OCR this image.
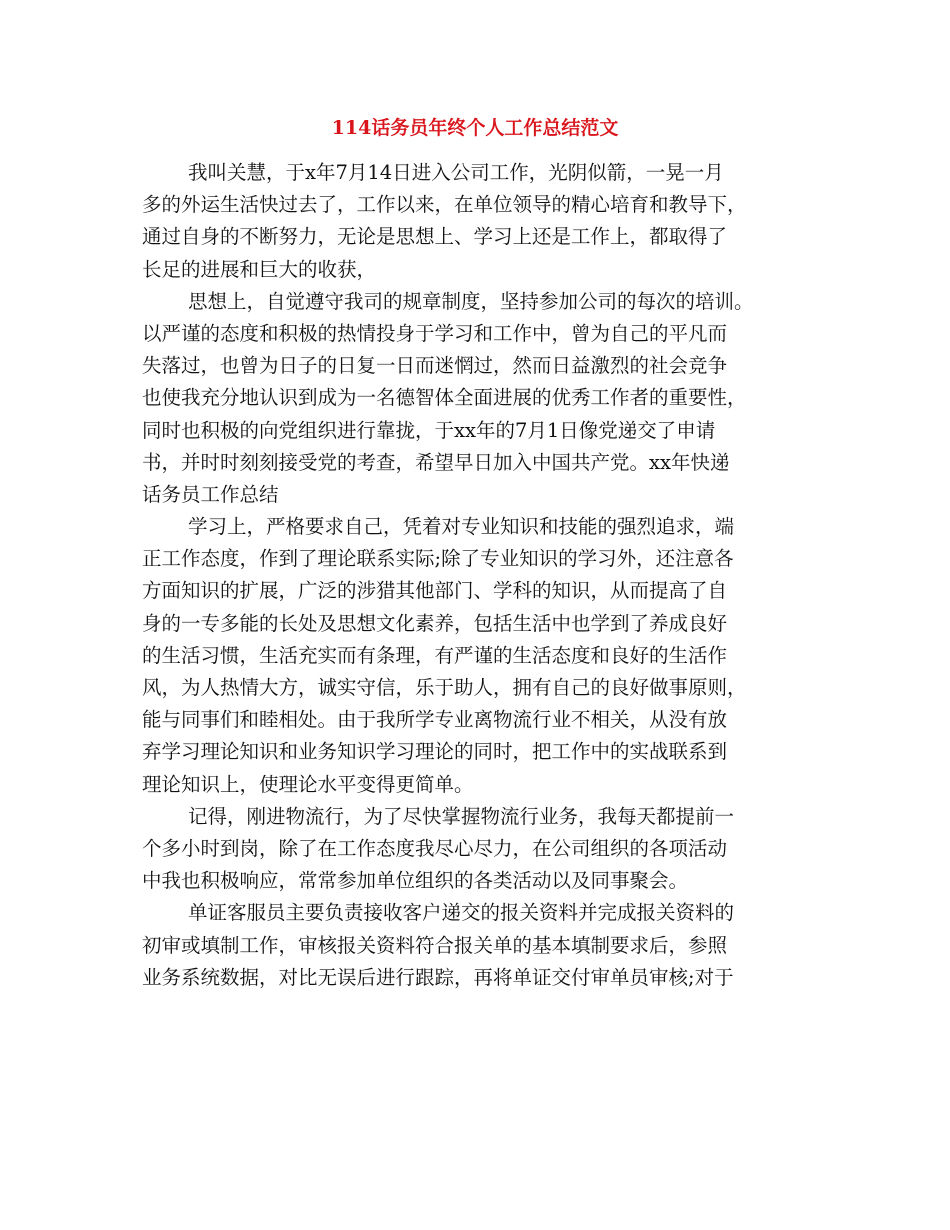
114话务员年终个人工作总结范文
我叫关慧，于x年7月14日进入公司工作，光阴似箭，一晃一月
多的外运生活快过去了，工作以来，在单位领导的精心培育和教导下，
通过自身的不断努力，无论是思想上、学习上还是工作上，都取得了
长足的进展和巨大的收获，
思想上，自觉遵守我司的规章制度，坚持参加公司的每次的培训。
以严谨的态度和积极的热情投身于学习和工作中，曾为自己的平凡而
失落过，也曾为日子的日复一日而迷惘过，然而日益激烈的社会竞争
也使我充分地认识到成为一名德智体全面进展的优秀工作者的重要性，
同时也积极的向党组织进行靠拢，于xx年的7月1日像党递交了申请
书，并时时刻刻接受党的考查，希望早日加入中国共产党。xx年快递
话务员工作总结
学习上，严格要求自己，凭着对专业知识和技能的强烈追求，端
正工作态度，作到了理论联系实际;除了专业知识的学习外，还注意各
方面知识的扩展，广泛的涉猎其他部门、学科的知识，从而提高了自
身的一专多能的长处及思想文化素养，包括生活中也学到了养成良好
的生活习惯，生活充实而有条理，有严谨的生活态度和良好的生活作
风，为人热情大方，诚实守信，乐于助人，拥有自己的良好做事原则，
能与同事们和睦相处。由于我所学专业离物流行业不相关，从没有放
弃学习理论知识和业务知识学习理论的同时，把工作中的实战联系到
理论知识上，使理论水平变得更简单。
记得，刚进物流行，为了尽快掌握物流行业务，我每天都提前一
个多小时到岗，除了在工作态度我尽心尽力，在公司组织的各项活动
中我也积极响应，常常参加单位组织的各类活动以及同事聚会。
单证客服员主要负责接收客户递交的报关资料并完成报关资料的
初审或填制工作，审核报关资料符合报关单的基本填制要求后，参照
业务系统数据，对比无误后进行跟踪，再将单证交付审单员审核;对于
